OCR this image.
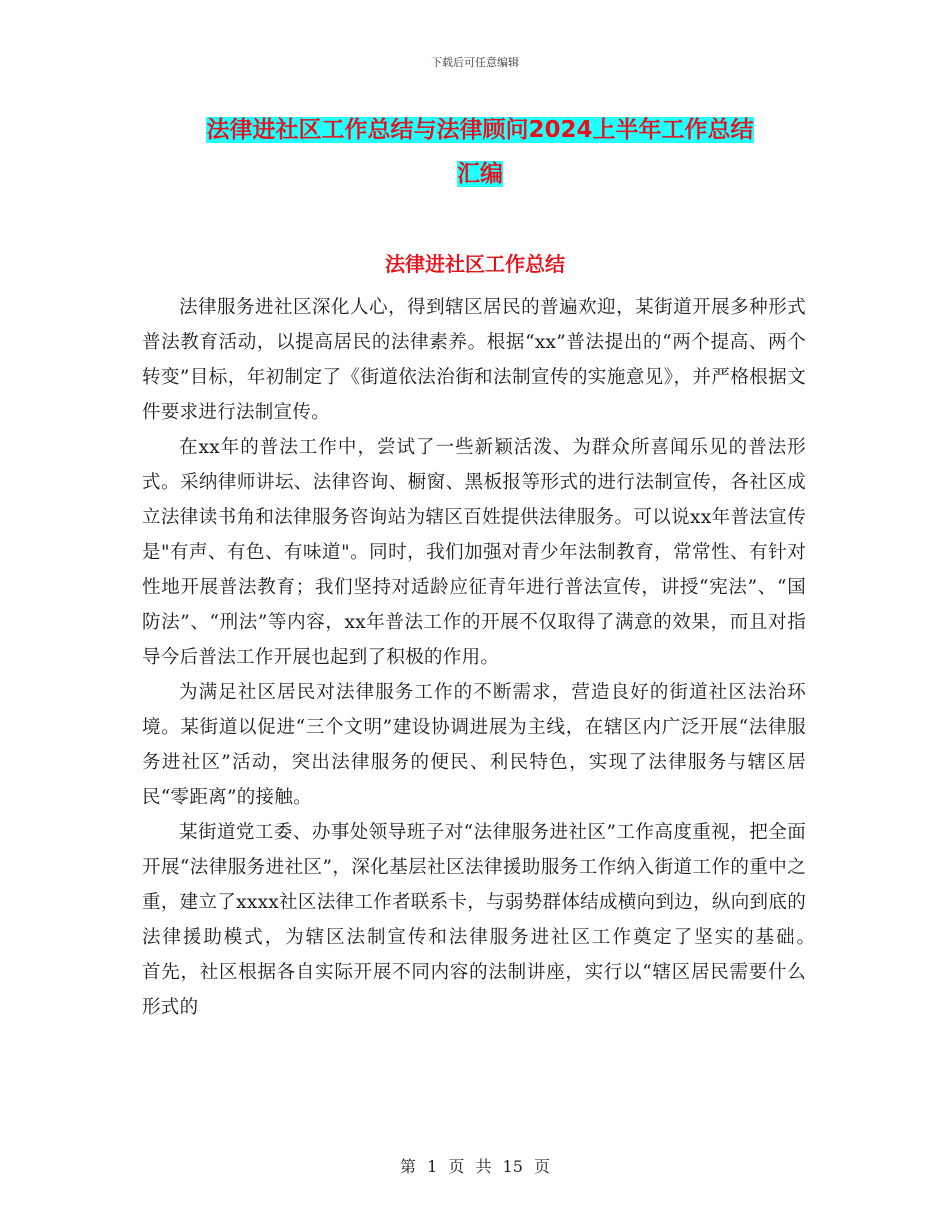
下载后可任意编辑
法律进社区工作总结与法律顾问2024上半年工作总结
汇编
法律进社区工作总结

法律服务进社区深化人心，得到辖区居民的普遍欢迎，某街道开展多种形式普法教育活动，以提高居民的法律素养。根据“xx”普法提出的“两个提高、两个转变”目标，年初制定了《街道依法治街和法制宣传的实施意见》，并严格根据文件要求进行法制宣传。

在xx年的普法工作中，尝试了一些新颖活泼、为群众所喜闻乐见的普法形式。采纳律师讲坛、法律咨询、橱窗、黑板报等形式的进行法制宣传，各社区成立法律读书角和法律服务咨询站为辖区百姓提供法律服务。可以说xx年普法宣传是"有声、有色、有味道"。同时，我们加强对青少年法制教育，常常性、有针对性地开展普法教育；我们坚持对适龄应征青年进行普法宣传，讲授“宪法”、“国防法”、“刑法”等内容，xx年普法工作的开展不仅取得了满意的效果，而且对指导今后普法工作开展也起到了积极的作用。

为满足社区居民对法律服务工作的不断需求，营造良好的街道社区法治环境。某街道以促进“三个文明”建设协调进展为主线，在辖区内广泛开展“法律服务进社区”活动，突出法律服务的便民、利民特色，实现了法律服务与辖区居民“零距离”的接触。

某街道党工委、办事处领导班子对“法律服务进社区”工作高度重视，把全面开展“法律服务进社区”，深化基层社区法律援助服务工作纳入街道工作的重中之重，建立了xxxx社区法律工作者联系卡，与弱势群体结成横向到边，纵向到底的法律援助模式，为辖区法制宣传和法律服务进社区工作奠定了坚实的基础。　　首先，社区根据各自实际开展不同内容的法制讲座，实行以“辖区居民需要什么形式的

第 1 页 共 15 页
